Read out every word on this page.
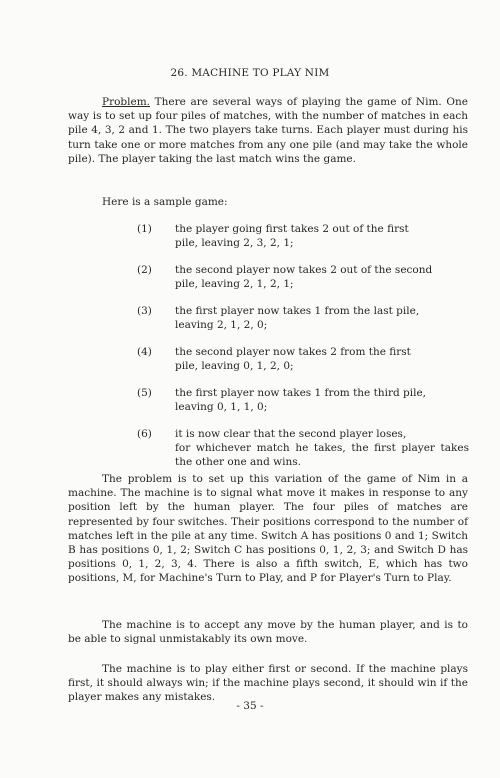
26. MACHINE TO PLAY NIM
Problem. There are several ways of playing the game of Nim. One way is to set up four piles of matches, with the number of matches in each pile 4, 3, 2 and 1. The two players take turns. Each player must during his turn take one or more matches from any one pile (and may take the whole pile). The player taking the last match wins the game.
Here is a sample game:
(1) the player going first takes 2 out of the first
pile, leaving 2, 3, 2, 1;
(2) the second player now takes 2 out of the second
pile, leaving 2, 1, 2, 1;
(3) the first player now takes 1 from the last pile,
leaving 2, 1, 2, 0;
(4) the second player now takes 2 from the first
pile, leaving 0, 1, 2, 0;
(5) the first player now takes 1 from the third pile,
leaving 0, 1, 1, 0;
(6) it is now clear that the second player loses,
for whichever match he takes, the first player takes the other one and wins.
The problem is to set up this variation of the game of Nim in a machine. The machine is to signal what move it makes in response to any position left by the human player. The four piles of matches are represented by four switches. Their positions correspond to the number of matches left in the pile at any time. Switch A has positions 0 and 1; Switch B has positions 0, 1, 2; Switch C has positions 0, 1, 2, 3; and Switch D has positions 0, 1, 2, 3, 4. There is also a fifth switch, E, which has two positions, M, for Machine's Turn to Play, and P for Player's Turn to Play.
The machine is to accept any move by the human player, and is to be able to signal unmistakably its own move.
The machine is to play either first or second. If the machine plays first, it should always win; if the machine plays second, it should win if the player makes any mistakes.
- 35 -
